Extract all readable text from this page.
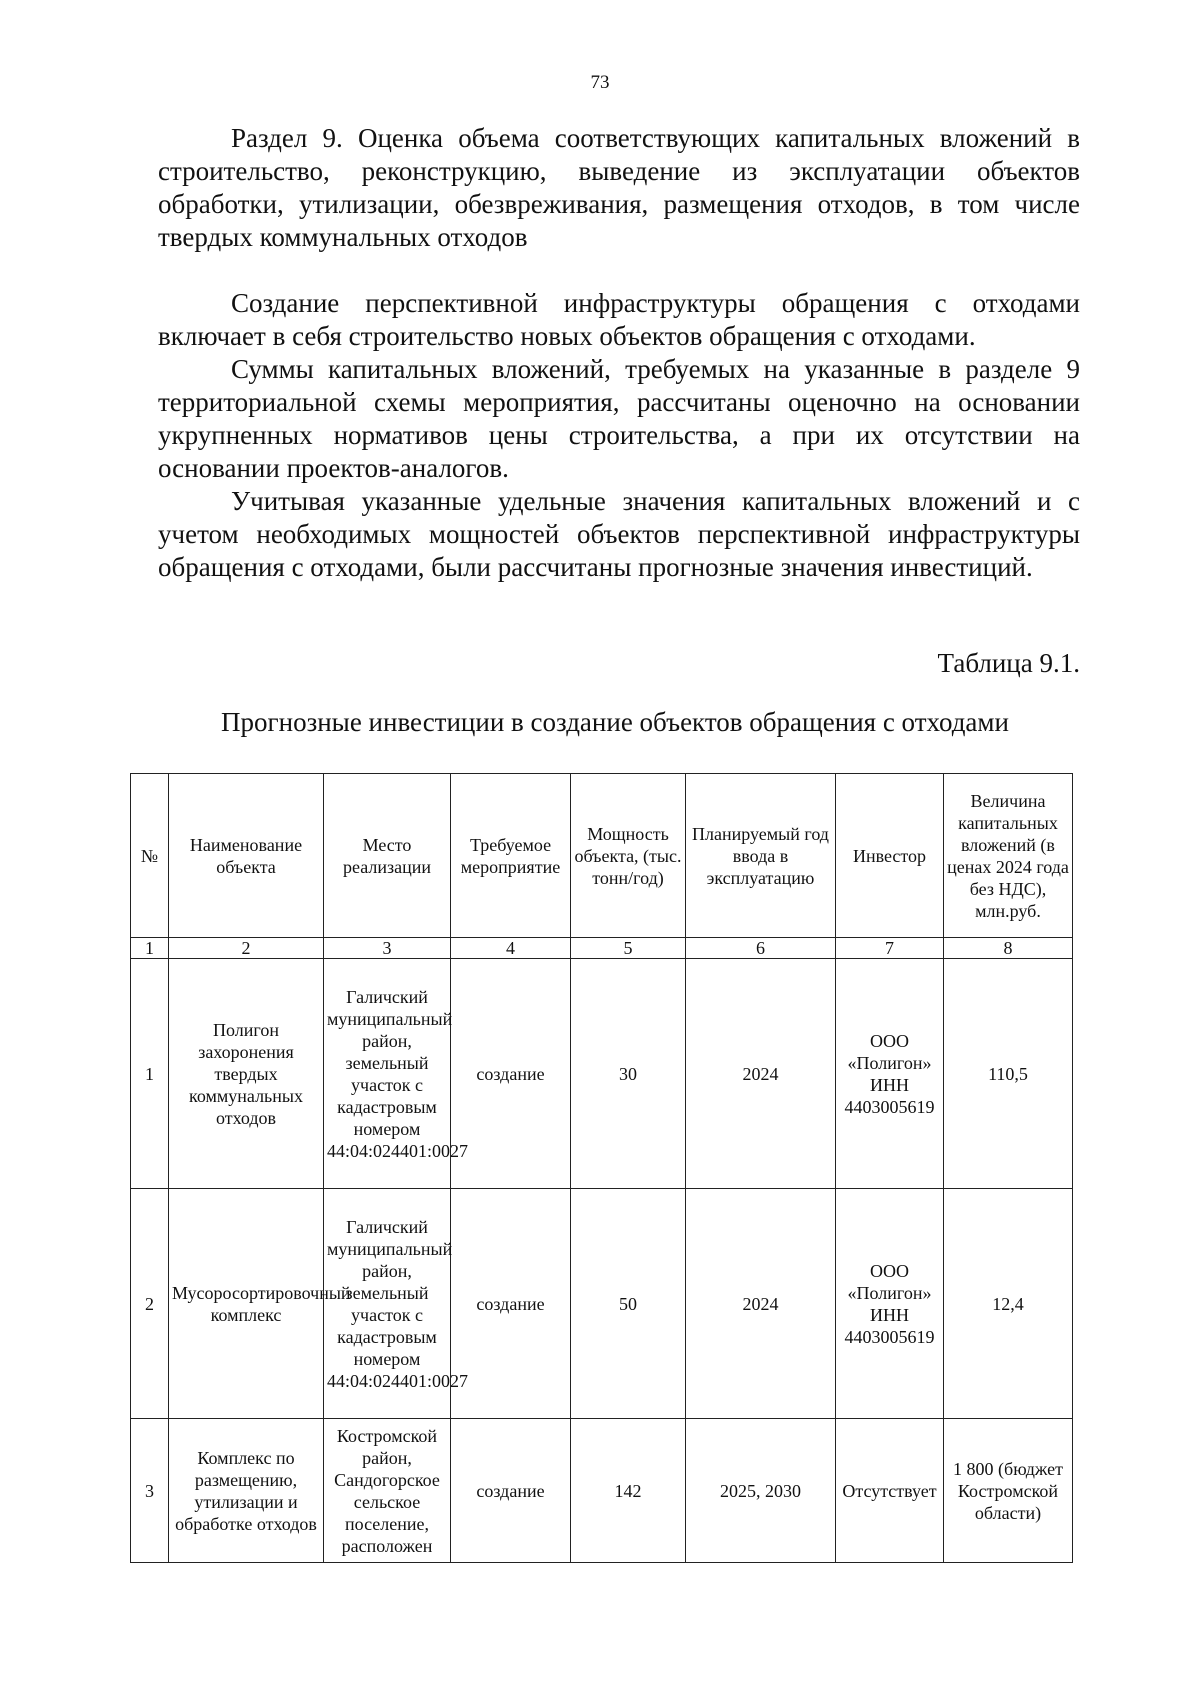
73
Раздел 9. Оценка объема соответствующих капитальных вложений в строительство, реконструкцию, выведение из эксплуатации объектов обработки, утилизации, обезвреживания, размещения отходов, в том числе твердых коммунальных отходов

Создание перспективной инфраструктуры обращения с отходами включает в себя строительство новых объектов обращения с отходами.

Суммы капитальных вложений, требуемых на указанные в разделе 9 территориальной схемы мероприятия, рассчитаны оценочно на основании укрупненных нормативов цены строительства, а при их отсутствии на основании проектов-аналогов.

Учитывая указанные удельные значения капитальных вложений и с учетом необходимых мощностей объектов перспективной инфраструктуры обращения с отходами, были рассчитаны прогнозные значения инвестиций.

Таблица 9.1.
Прогнозные инвестиции в создание объектов обращения с отходами
№	Наименование объекта	Место реализации	Требуемое мероприятие	Мощность объекта, (тыс. тонн/год)	Планируемый год ввода в эксплуатацию	Инвестор	Величина капитальных вложений (в ценах 2024 года без НДС), млн.руб.
1	2	3	4	5	6	7	8
1	Полигон захоронения твердых коммунальных отходов	Галичский муниципальный район, земельный участок с кадастровым номером 44:04:024401:0027	создание	30	2024	ООО «Полигон» ИНН 4403005619	110,5
2	Мусоросортировочный комплекс	Галичский муниципальный район, земельный участок с кадастровым номером 44:04:024401:0027	создание	50	2024	ООО «Полигон» ИНН 4403005619	12,4
3	Комплекс по размещению, утилизации и обработке отходов	Костромской район, Сандогорское сельское поселение, расположен	создание	142	2025, 2030	Отсутствует	1 800 (бюджет Костромской области)
